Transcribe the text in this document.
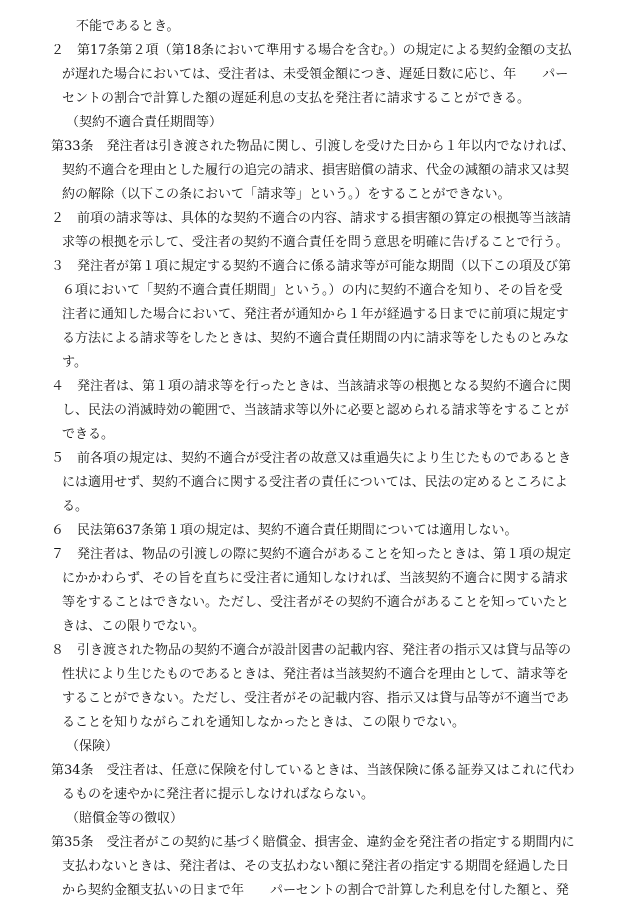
不能であるとき。

２　第17条第２項（第18条において準用する場合を含む。）の規定による契約金額の支払

が遅れた場合においては、受注者は、未受領金額につき、遅延日数に応じ、年　　パー

セントの割合で計算した額の遅延利息の支払を発注者に請求することができる。

（契約不適合責任期間等）

第33条　発注者は引き渡された物品に関し、引渡しを受けた日から１年以内でなければ、

契約不適合を理由とした履行の追完の請求、損害賠償の請求、代金の減額の請求又は契

約の解除（以下この条において「請求等」という。）をすることができない。

２　前項の請求等は、具体的な契約不適合の内容、請求する損害額の算定の根拠等当該請

求等の根拠を示して、受注者の契約不適合責任を問う意思を明確に告げることで行う。

３　発注者が第１項に規定する契約不適合に係る請求等が可能な期間（以下この項及び第

６項において「契約不適合責任期間」という。）の内に契約不適合を知り、その旨を受

注者に通知した場合において、発注者が通知から１年が経過する日までに前項に規定す

る方法による請求等をしたときは、契約不適合責任期間の内に請求等をしたものとみな

す。

４　発注者は、第１項の請求等を行ったときは、当該請求等の根拠となる契約不適合に関

し、民法の消滅時効の範囲で、当該請求等以外に必要と認められる請求等をすることが

できる。

５　前各項の規定は、契約不適合が受注者の故意又は重過失により生じたものであるとき

には適用せず、契約不適合に関する受注者の責任については、民法の定めるところによ

る。

６　民法第637条第１項の規定は、契約不適合責任期間については適用しない。

７　発注者は、物品の引渡しの際に契約不適合があることを知ったときは、第１項の規定

にかかわらず、その旨を直ちに受注者に通知しなければ、当該契約不適合に関する請求

等をすることはできない。ただし、受注者がその契約不適合があることを知っていたと

きは、この限りでない。

８　引き渡された物品の契約不適合が設計図書の記載内容、発注者の指示又は貸与品等の

性状により生じたものであるときは、発注者は当該契約不適合を理由として、請求等を

することができない。ただし、受注者がその記載内容、指示又は貸与品等が不適当であ

ることを知りながらこれを通知しなかったときは、この限りでない。

（保険）

第34条　受注者は、任意に保険を付しているときは、当該保険に係る証券又はこれに代わ

るものを速やかに発注者に提示しなければならない。

（賠償金等の徴収）

第35条　受注者がこの契約に基づく賠償金、損害金、違約金を発注者の指定する期間内に

支払わないときは、発注者は、その支払わない額に発注者の指定する期間を経過した日

から契約金額支払いの日まで年　　パーセントの割合で計算した利息を付した額と、発
